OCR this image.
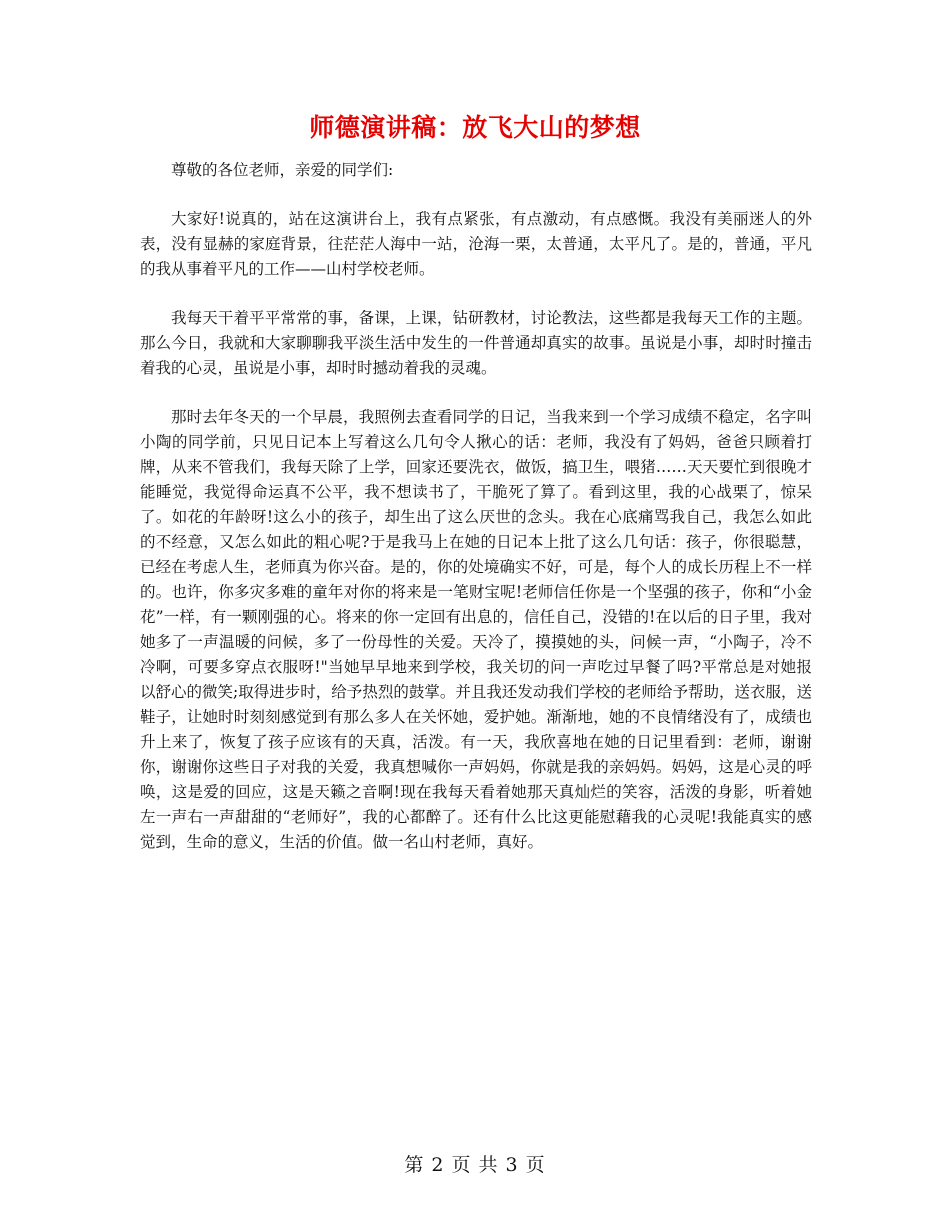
师德演讲稿：放飞大山的梦想

尊敬的各位老师，亲爱的同学们:

大家好!说真的，站在这演讲台上，我有点紧张，有点激动，有点感慨。我没有美丽迷人的外表，没有显赫的家庭背景，往茫茫人海中一站，沧海一栗，太普通，太平凡了。是的，普通，平凡的我从事着平凡的工作——山村学校老师。

我每天干着平平常常的事，备课，上课，钻研教材，讨论教法，这些都是我每天工作的主题。那么今日，我就和大家聊聊我平淡生活中发生的一件普通却真实的故事。虽说是小事，却时时撞击着我的心灵，虽说是小事，却时时撼动着我的灵魂。

那时去年冬天的一个早晨，我照例去查看同学的日记，当我来到一个学习成绩不稳定，名字叫小陶的同学前，只见日记本上写着这么几句令人揪心的话：老师，我没有了妈妈，爸爸只顾着打牌，从来不管我们，我每天除了上学，回家还要洗衣，做饭，搞卫生，喂猪……天天要忙到很晚才能睡觉，我觉得命运真不公平，我不想读书了，干脆死了算了。看到这里，我的心战栗了，惊呆了。如花的年龄呀!这么小的孩子，却生出了这么厌世的念头。我在心底痛骂我自己，我怎么如此的不经意，又怎么如此的粗心呢?于是我马上在她的日记本上批了这么几句话：孩子，你很聪慧，已经在考虑人生，老师真为你兴奋。是的，你的处境确实不好，可是，每个人的成长历程上不一样的。也许，你多灾多难的童年对你的将来是一笔财宝呢!老师信任你是一个坚强的孩子，你和“小金花”一样，有一颗刚强的心。将来的你一定回有出息的，信任自己，没错的!在以后的日子里，我对她多了一声温暖的问候，多了一份母性的关爱。天冷了，摸摸她的头，问候一声，“小陶子，冷不冷啊，可要多穿点衣服呀!"当她早早地来到学校，我关切的问一声吃过早餐了吗?平常总是对她报以舒心的微笑;取得进步时，给予热烈的鼓掌。并且我还发动我们学校的老师给予帮助，送衣服，送鞋子，让她时时刻刻感觉到有那么多人在关怀她，爱护她。渐渐地，她的不良情绪没有了，成绩也升上来了，恢复了孩子应该有的天真，活泼。有一天，我欣喜地在她的日记里看到：老师，谢谢你，谢谢你这些日子对我的关爱，我真想喊你一声妈妈，你就是我的亲妈妈。妈妈，这是心灵的呼唤，这是爱的回应，这是天籁之音啊!现在我每天看着她那天真灿烂的笑容，活泼的身影，听着她左一声右一声甜甜的“老师好”，我的心都醉了。还有什么比这更能慰藉我的心灵呢!我能真实的感觉到，生命的意义，生活的价值。做一名山村老师，真好。

第 2 页 共 3 页
